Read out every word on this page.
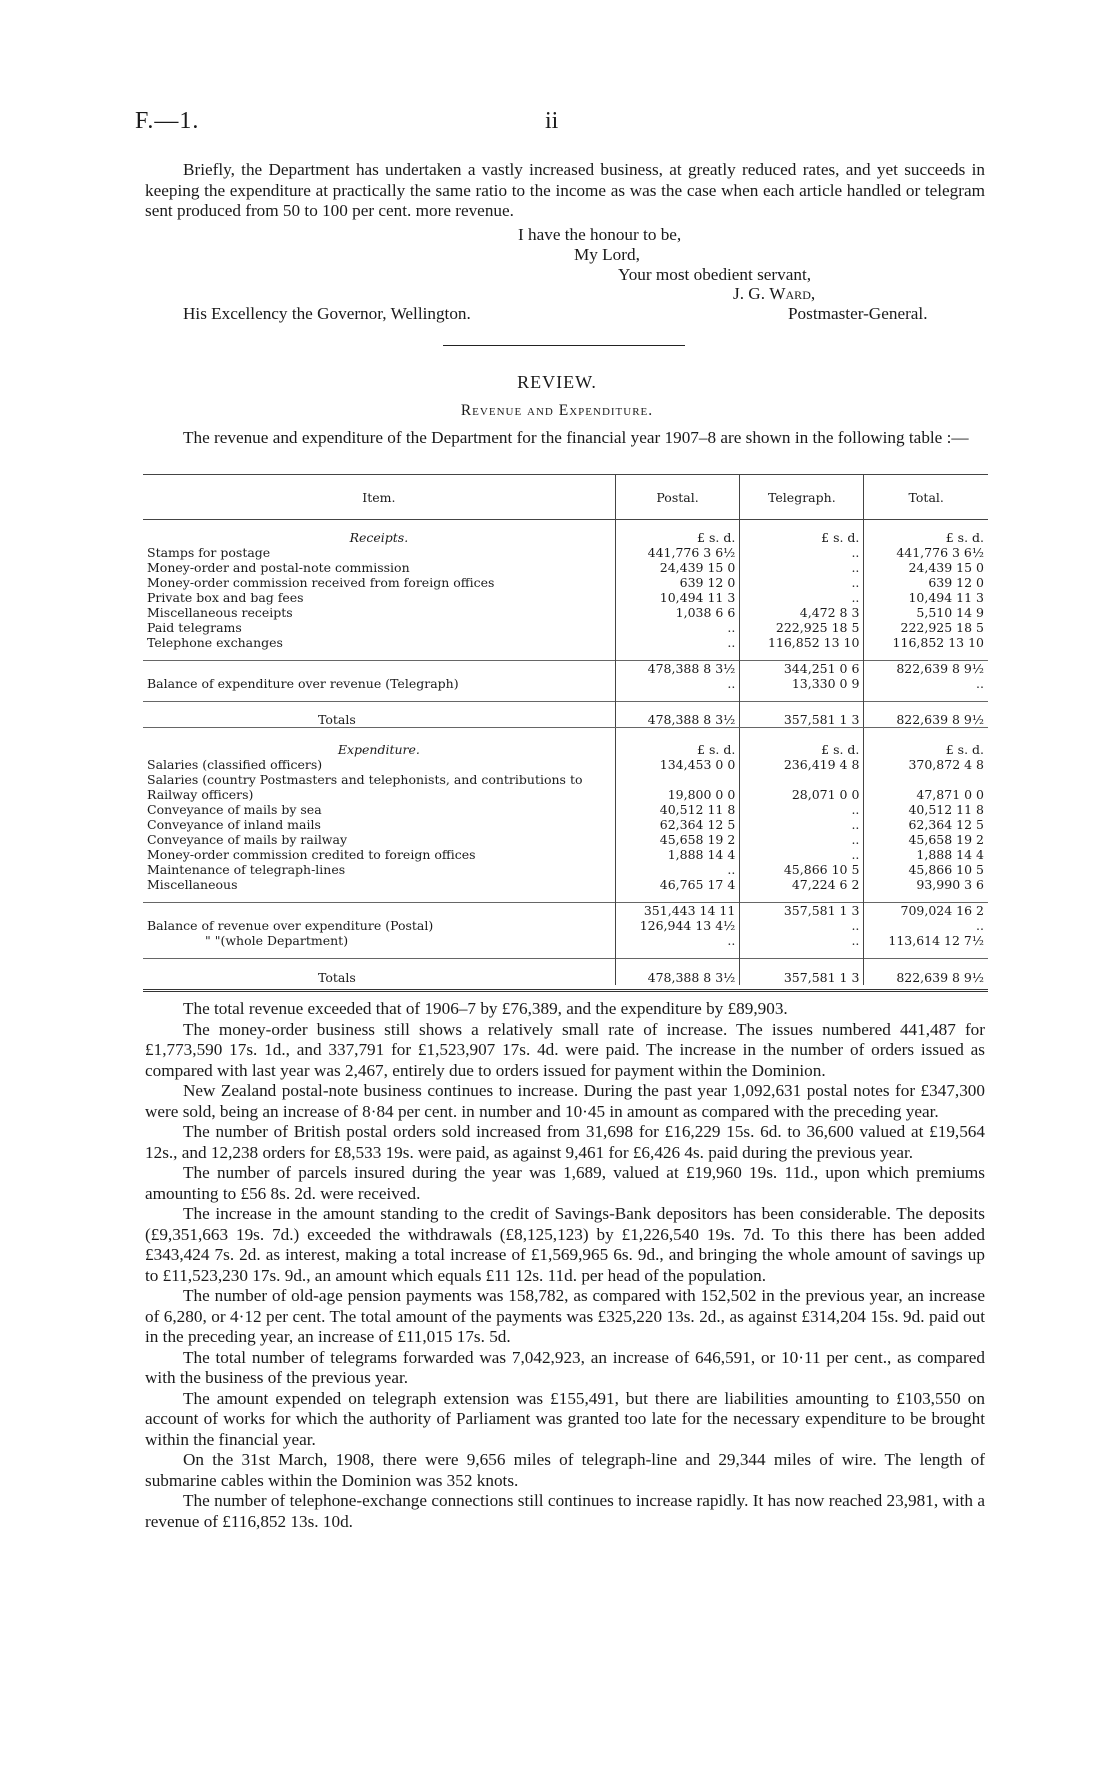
F.—1.	ii

Briefly, the Department has undertaken a vastly increased business, at greatly reduced rates, and yet succeeds in keeping the expenditure at practically the same ratio to the income as was the case when each article handled or telegram sent produced from 50 to 100 per cent. more revenue.

I have the honour to be,
My Lord,
Your most obedient servant,
J. G. Ward,
His Excellency the Governor, Wellington.	Postmaster-General.
REVIEW.
Revenue and Expenditure.

The revenue and expenditure of the Department for the financial year 1907–8 are shown in the following table :—

Item.	Postal.	Telegraph.	Total.
Receipts.	£ s. d.	£ s. d.	£ s. d.
Stamps for postage	441,776 3 6½	..	441,776 3 6½
Money-order and postal-note commission	24,439 15 0	..	24,439 15 0
Money-order commission received from foreign offices	639 12 0	..	639 12 0
Private box and bag fees	10,494 11 3	..	10,494 11 3
Miscellaneous receipts	1,038 6 6	4,472 8 3	5,510 14 9
Paid telegrams	..	222,925 18 5	222,925 18 5
Telephone exchanges	..	116,852 13 10	116,852 13 10

	478,388 8 3½	344,251 0 6	822,639 8 9½
Balance of expenditure over revenue (Telegraph)	..	13,330 0 9	..

Totals	478,388 8 3½	357,581 1 3	822,639 8 9½
Expenditure.	£ s. d.	£ s. d.	£ s. d.
Salaries (classified officers)	134,453 0 0	236,419 4 8	370,872 4 8
Salaries (country Postmasters and telephonists, and contributions to Railway officers)	19,800 0 0	28,071 0 0	47,871 0 0
Conveyance of mails by sea	40,512 11 8	..	40,512 11 8
Conveyance of inland mails	62,364 12 5	..	62,364 12 5
Conveyance of mails by railway	45,658 19 2	..	45,658 19 2
Money-order commission credited to foreign offices	1,888 14 4	..	1,888 14 4
Maintenance of telegraph-lines	..	45,866 10 5	45,866 10 5
Miscellaneous	46,765 17 4	47,224 6 2	93,990 3 6

	351,443 14 11	357,581 1 3	709,024 16 2
Balance of revenue over expenditure (Postal)	126,944 13 4½	..	..
" "(whole Department)	..	..	113,614 12 7½

Totals	478,388 8 3½	357,581 1 3	822,639 8 9½

The total revenue exceeded that of 1906–7 by £76,389, and the expenditure by £89,903.

The money-order business still shows a relatively small rate of increase. The issues numbered 441,487 for £1,773,590 17s. 1d., and 337,791 for £1,523,907 17s. 4d. were paid. The increase in the number of orders issued as compared with last year was 2,467, entirely due to orders issued for payment within the Dominion.

New Zealand postal-note business continues to increase. During the past year 1,092,631 postal notes for £347,300 were sold, being an increase of 8·84 per cent. in number and 10·45 in amount as compared with the preceding year.

The number of British postal orders sold increased from 31,698 for £16,229 15s. 6d. to 36,600 valued at £19,564 12s., and 12,238 orders for £8,533 19s. were paid, as against 9,461 for £6,426 4s. paid during the previous year.

The number of parcels insured during the year was 1,689, valued at £19,960 19s. 11d., upon which premiums amounting to £56 8s. 2d. were received.

The increase in the amount standing to the credit of Savings-Bank depositors has been considerable. The deposits (£9,351,663 19s. 7d.) exceeded the withdrawals (£8,125,123) by £1,226,540 19s. 7d. To this there has been added £343,424 7s. 2d. as interest, making a total increase of £1,569,965 6s. 9d., and bringing the whole amount of savings up to £11,523,230 17s. 9d., an amount which equals £11 12s. 11d. per head of the population.

The number of old-age pension payments was 158,782, as compared with 152,502 in the previous year, an increase of 6,280, or 4·12 per cent. The total amount of the payments was £325,220 13s. 2d., as against £314,204 15s. 9d. paid out in the preceding year, an increase of £11,015 17s. 5d.

The total number of telegrams forwarded was 7,042,923, an increase of 646,591, or 10·11 per cent., as compared with the business of the previous year.

The amount expended on telegraph extension was £155,491, but there are liabilities amounting to £103,550 on account of works for which the authority of Parliament was granted too late for the necessary expenditure to be brought within the financial year.

On the 31st March, 1908, there were 9,656 miles of telegraph-line and 29,344 miles of wire. The length of submarine cables within the Dominion was 352 knots.

The number of telephone-exchange connections still continues to increase rapidly. It has now reached 23,981, with a revenue of £116,852 13s. 10d.
